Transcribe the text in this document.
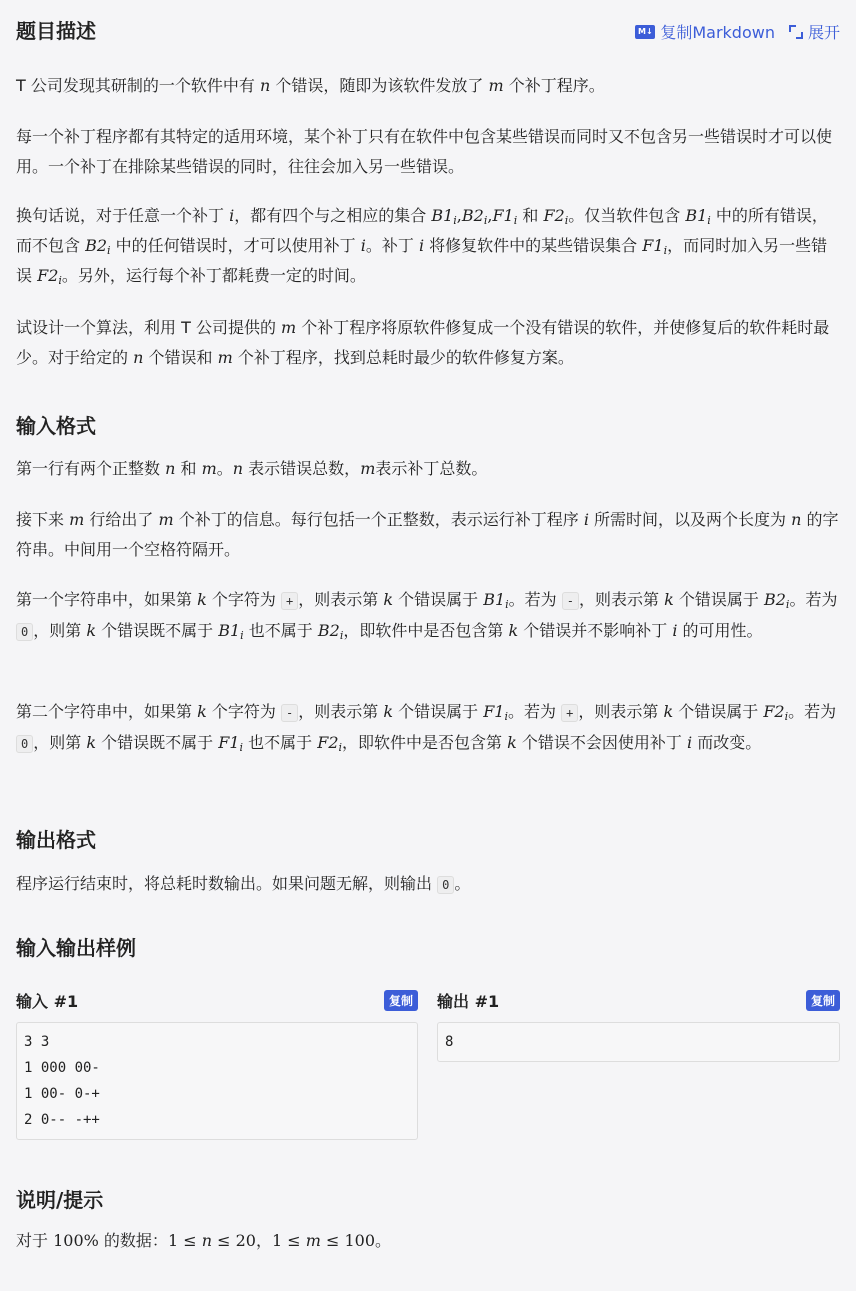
题目描述	M↓ 复制Markdown 展开

T 公司发现其研制的一个软件中有 n 个错误，随即为该软件发放了 m 个补丁程序。

每一个补丁程序都有其特定的适用环境，某个补丁只有在软件中包含某些错误而同时又不包含另一些错误时才可以使用。一个补丁在排除某些错误的同时，往往会加入另一些错误。

换句话说，对于任意一个补丁 i，都有四个与之相应的集合 $B1_i,B2_i,F1_i$ 和 $F2_i$。仅当软件包含 $B1_i$ 中的所有错误，而不包含 $B2_i$ 中的任何错误时，才可以使用补丁 i。补丁 i 将修复软件中的某些错误集合 $F1_i$，而同时加入另一些错误 $F2_i$。另外，运行每个补丁都耗费一定的时间。

试设计一个算法，利用 T 公司提供的 m 个补丁程序将原软件修复成一个没有错误的软件，并使修复后的软件耗时最少。对于给定的 n 个错误和 m 个补丁程序，找到总耗时最少的软件修复方案。

输入格式

第一行有两个正整数 n 和 m。n 表示错误总数，m表示补丁总数。

接下来 m 行给出了 m 个补丁的信息。每行包括一个正整数，表示运行补丁程序 i 所需时间，以及两个长度为 n 的字符串。中间用一个空格符隔开。

第一个字符串中，如果第 k 个字符为 + ，则表示第 k 个错误属于 $B1_i$。若为 - ，则表示第 k 个错误属于 $B2_i$。若为 0 ，则第 k 个错误既不属于 $B1_i$ 也不属于 $B2_i$，即软件中是否包含第 k 个错误并不影响补丁 i 的可用性。

第二个字符串中，如果第 k 个字符为 - ，则表示第 k 个错误属于 $F1_i$。若为 + ，则表示第 k 个错误属于 $F2_i$。若为 0 ，则第 k 个错误既不属于 $F1_i$ 也不属于 $F2_i$，即软件中是否包含第 k 个错误不会因使用补丁 i 而改变。

输出格式

程序运行结束时，将总耗时数输出。如果问题无解，则输出 0 。

输入输出样例
输入 #1	复制
3 3
1 000 00-
1 00- 0-+
2 0-- -++
输出 #1	复制
8
说明/提示

对于 100% 的数据：1 ≤ n ≤ 20，1 ≤ m ≤ 100。
